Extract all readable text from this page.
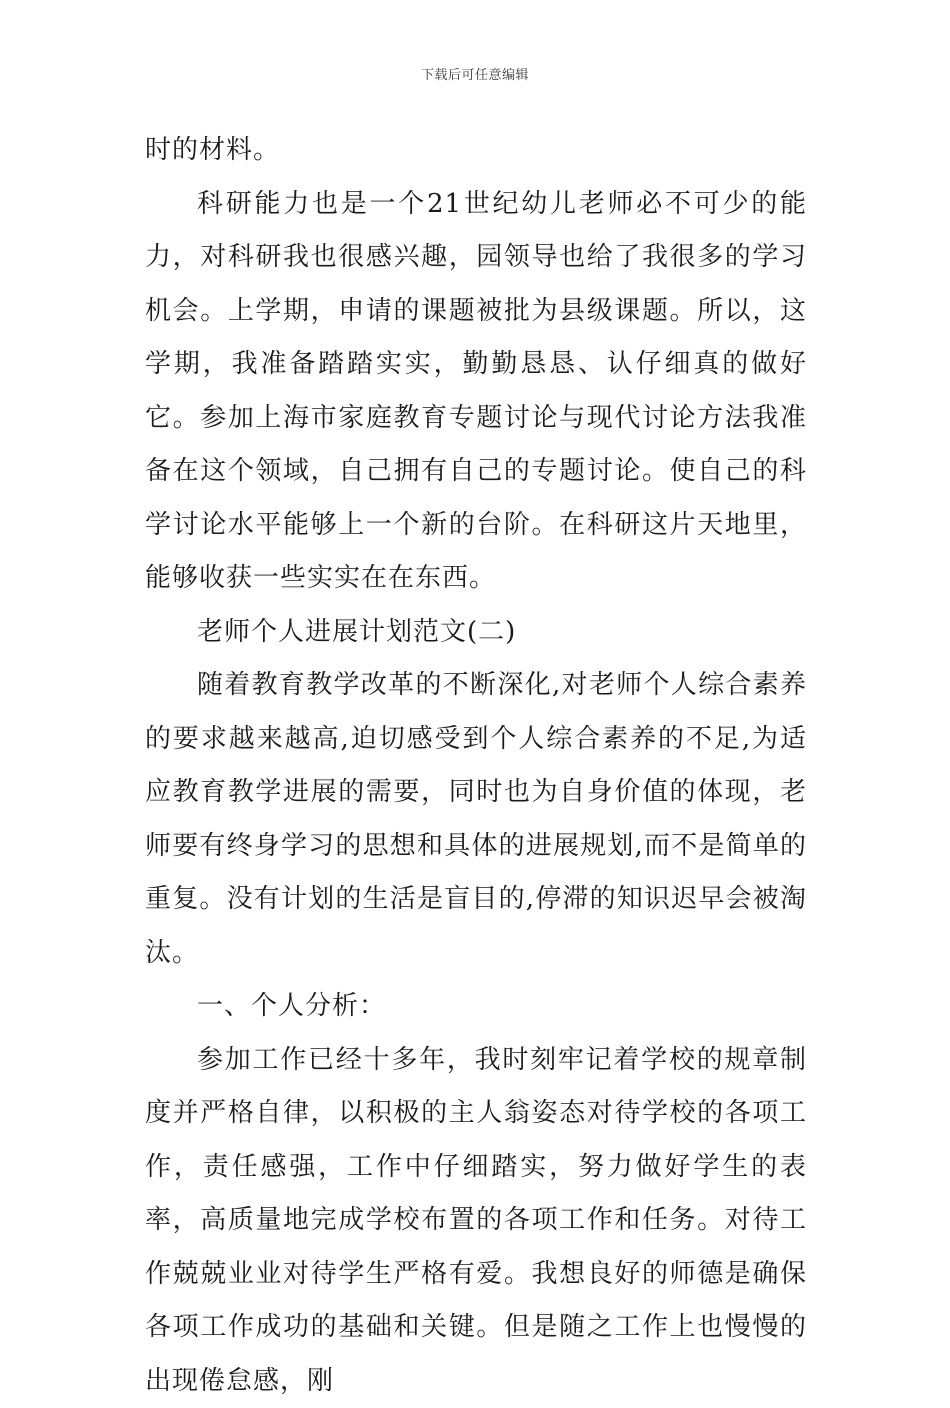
下载后可任意编辑

时的材料。

科研能力也是一个21世纪幼儿老师必不可少的能力，对科研我也很感兴趣，园领导也给了我很多的学习机会。上学期，申请的课题被批为县级课题。所以，这学期，我准备踏踏实实，勤勤恳恳、认仔细真的做好它。参加上海市家庭教育专题讨论与现代讨论方法我准备在这个领域，自己拥有自己的专题讨论。使自己的科学讨论水平能够上一个新的台阶。在科研这片天地里，能够收获一些实实在在东西。

老师个人进展计划范文(二)

随着教育教学改革的不断深化,对老师个人综合素养的要求越来越高,迫切感受到个人综合素养的不足,为适应教育教学进展的需要，同时也为自身价值的体现，老师要有终身学习的思想和具体的进展规划,而不是简单的重复。没有计划的生活是盲目的,停滞的知识迟早会被淘汰。

一、个人分析：

参加工作已经十多年，我时刻牢记着学校的规章制度并严格自律，以积极的主人翁姿态对待学校的各项工作，责任感强，工作中仔细踏实，努力做好学生的表率，高质量地完成学校布置的各项工作和任务。对待工作兢兢业业对待学生严格有爱。我想良好的师德是确保各项工作成功的基础和关键。但是随之工作上也慢慢的出现倦怠感，刚
